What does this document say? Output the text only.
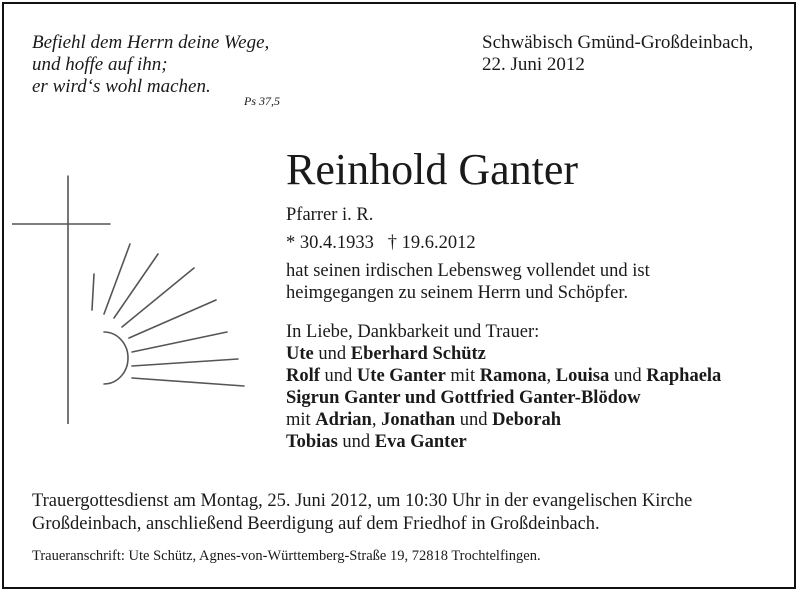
Befiehl dem Herrn deine Wege,
und hoffe auf ihn;
er wird‘s wohl machen.
Ps 37,5
Schwäbisch Gmünd-Großdeinbach,
22. Juni 2012
Reinhold Ganter
Pfarrer i. R.
* 30.4.1933 † 19.6.2012
hat seinen irdischen Lebensweg vollendet und ist
heimgegangen zu seinem Herrn und Schöpfer.
In Liebe, Dankbarkeit und Trauer:
Ute und Eberhard Schütz
Rolf und Ute Ganter mit Ramona, Louisa und Raphaela
Sigrun Ganter und Gottfried Ganter-Blödow
mit Adrian, Jonathan und Deborah
Tobias und Eva Ganter
Trauergottesdienst am Montag, 25. Juni 2012, um 10:30 Uhr in der evangelischen Kirche
Großdeinbach, anschließend Beerdigung auf dem Friedhof in Großdeinbach.
Traueranschrift: Ute Schütz, Agnes-von-Württemberg-Straße 19, 72818 Trochtelfingen.
